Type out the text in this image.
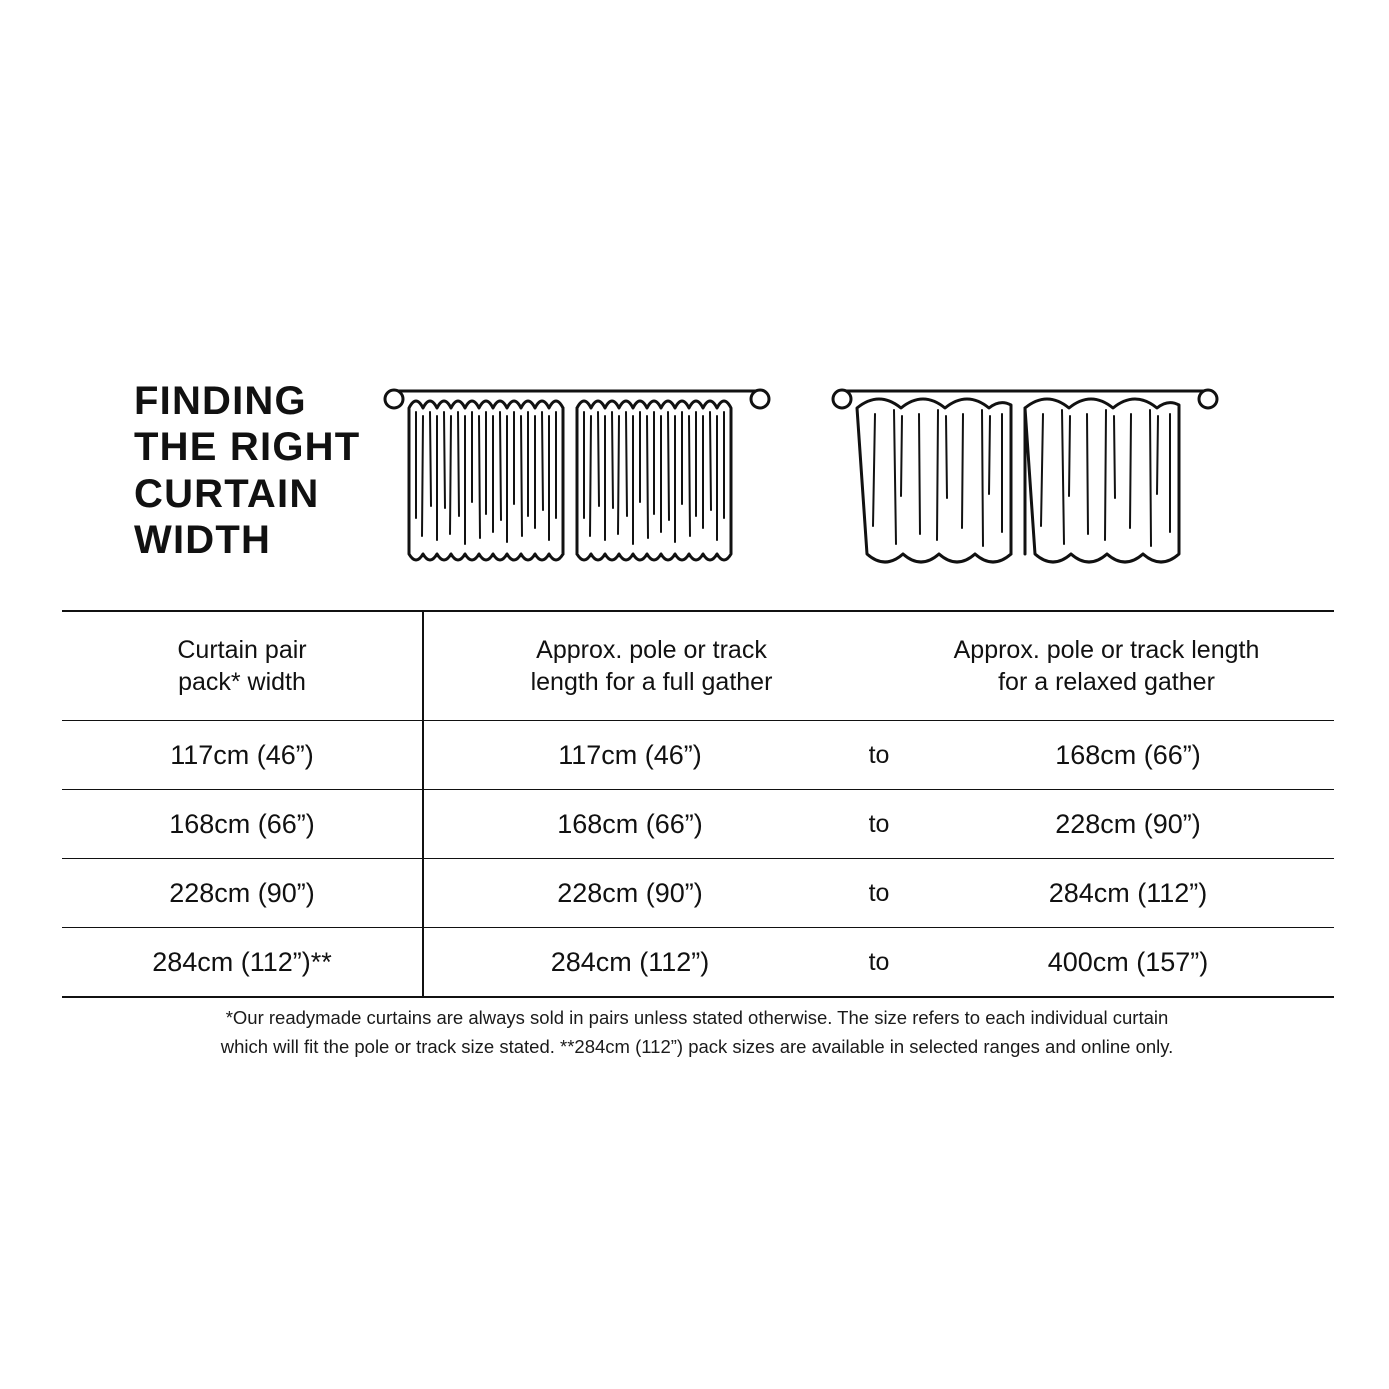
FINDING
THE RIGHT
CURTAIN
WIDTH
Curtain pair
pack* width

Approx. pole or track
length for a full gather

Approx. pole or track length
for a relaxed gather

117cm (46”)	117cm (46”) to 168cm (66”)	

168cm (66”)	168cm (66”) to 228cm (90”)	

228cm (90”)	228cm (90”) to 284cm (112”)	

284cm (112”)**	284cm (112”) to 400cm (157”)	
*Our readymade curtains are always sold in pairs unless stated otherwise. The size refers to each individual curtain
which will fit the pole or track size stated. **284cm (112”) pack sizes are available in selected ranges and online only.
